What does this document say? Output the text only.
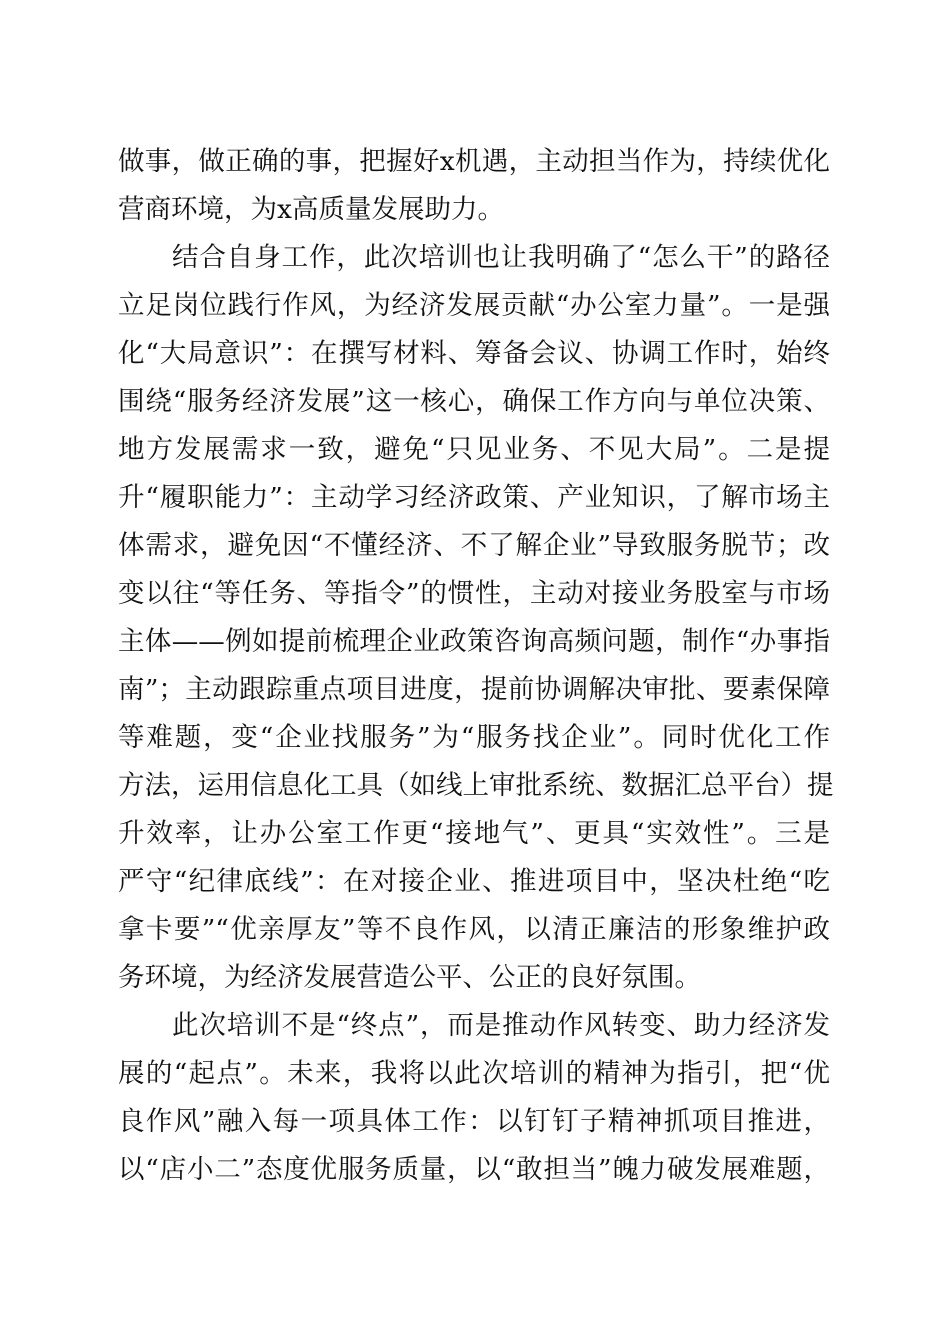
做事，做正确的事，把握好x机遇，主动担当作为，持续优化
营商环境，为x高质量发展助力。
结合自身工作，此次培训也让我明确了“怎么干”的路径
立足岗位践行作风，为经济发展贡献“办公室力量”。一是强
化“大局意识”：在撰写材料、筹备会议、协调工作时，始终
围绕“服务经济发展”这一核心，确保工作方向与单位决策、
地方发展需求一致，避免“只见业务、不见大局”。二是提
升“履职能力”：主动学习经济政策、产业知识，了解市场主
体需求，避免因“不懂经济、不了解企业”导致服务脱节；改
变以往“等任务、等指令”的惯性，主动对接业务股室与市场
主体——例如提前梳理企业政策咨询高频问题，制作“办事指
南”；主动跟踪重点项目进度，提前协调解决审批、要素保障
等难题，变“企业找服务”为“服务找企业”。同时优化工作
方法，运用信息化工具（如线上审批系统、数据汇总平台）提
升效率，让办公室工作更“接地气”、更具“实效性”。三是
严守“纪律底线”：在对接企业、推进项目中，坚决杜绝“吃
拿卡要”“优亲厚友”等不良作风，以清正廉洁的形象维护政
务环境，为经济发展营造公平、公正的良好氛围。
此次培训不是“终点”，而是推动作风转变、助力经济发
展的“起点”。未来，我将以此次培训的精神为指引，把“优
良作风”融入每一项具体工作：以钉钉子精神抓项目推进，
以“店小二”态度优服务质量，以“敢担当”魄力破发展难题，
